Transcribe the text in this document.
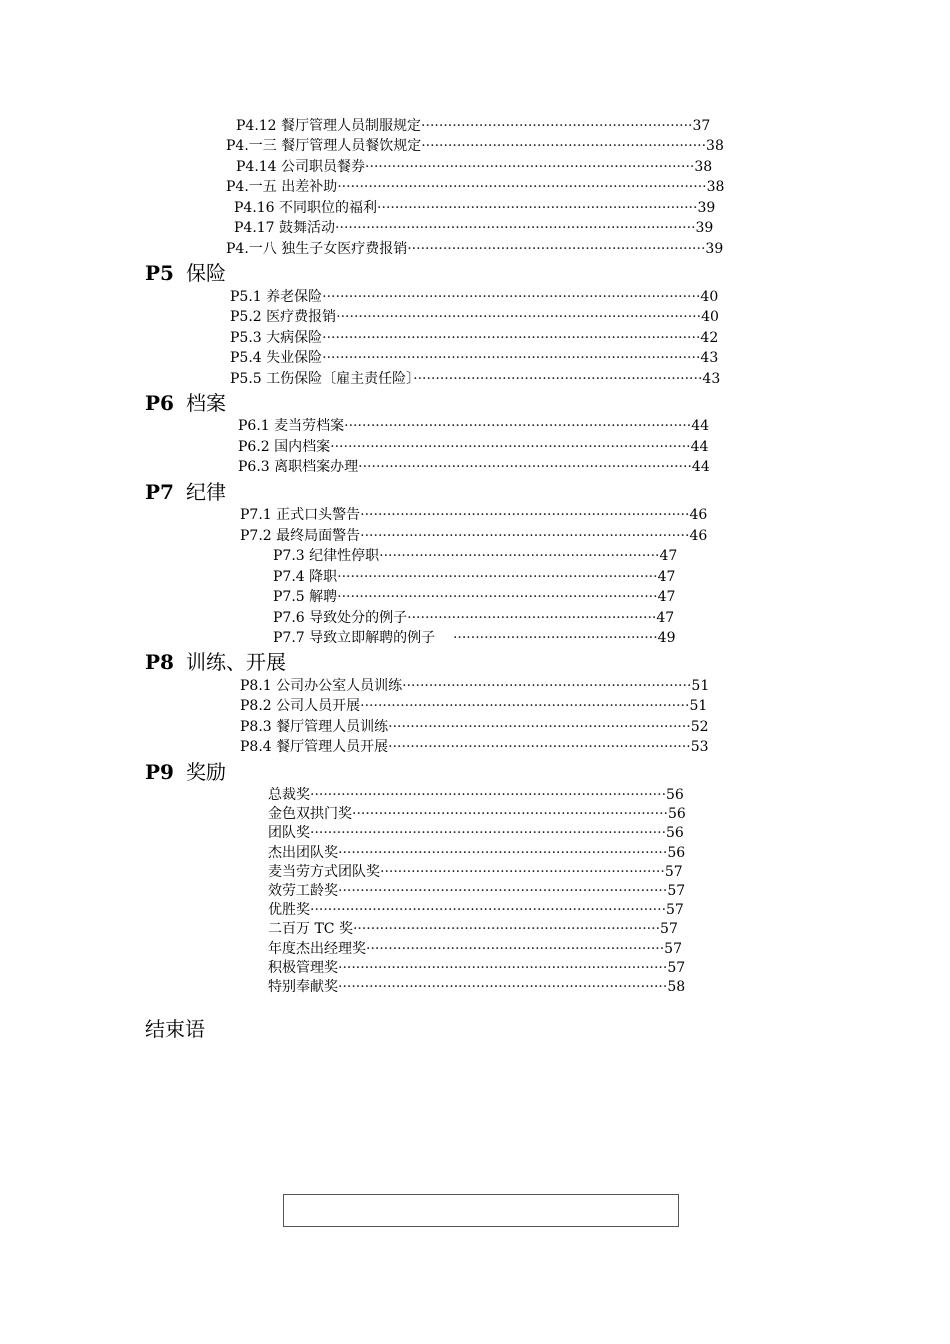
P4.12 餐厅管理人员制服规定·····························································37
P4.一三 餐厅管理人员餐饮规定································································38
P4.14 公司职员餐券··········································································38
P4.一五 出差补助···················································································38
P4.16 不同职位的福利········································································39
P4.17 鼓舞活动·················································································39
P4.一八 独生子女医疗费报销···································································39
P5 保险
P5.1 养老保险·····················································································40
P5.2 医疗费报销··················································································40
P5.3 大病保险·····················································································42
P5.4 失业保险·····················································································43
P5.5 工伤保险〔雇主责任险〕·································································43
P6 档案
P6.1 麦当劳档案··············································································44
P6.2 国内档案·················································································44
P6.3 离职档案办理···········································································44
P7 纪律
P7.1 正式口头警告··········································································46
P7.2 最终局面警告··········································································46
P7.3 纪律性停职·······························································47
P7.4 降职········································································47
P7.5 解聘········································································47
P7.6 导致处分的例子························································47
P7.7 导致立即解聘的例子    ··············································49
P8 训练、开展
P8.1 公司办公室人员训练·································································51
P8.2 公司人员开展··········································································51
P8.3 餐厅管理人员训练····································································52
P8.4 餐厅管理人员开展····································································53
P9 奖励
总裁奖················································································56
金色双拱门奖·······································································56
团队奖················································································56
杰出团队奖··········································································56
麦当劳方式团队奖································································57
效劳工龄奖··········································································57
优胜奖················································································57
二百万 TC 奖·····································································57
年度杰出经理奖···································································57
积极管理奖··········································································57
特别奉献奖··········································································58
结束语
